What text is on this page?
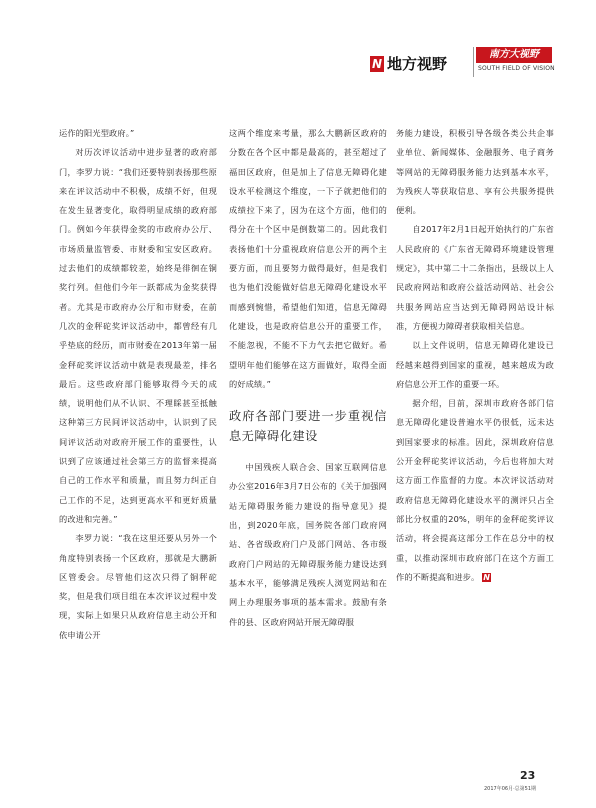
N 地方视野
南方大视野
SOUTH FIELD OF VISION

运作的阳光型政府。”

对历次评议活动中进步显著的政府部门，李罗力说：“我们还要特别表扬那些原来在评议活动中不积极，成绩不好，但现在发生显著变化，取得明显成绩的政府部门。例如今年获得金奖的市政府办公厅、市场质量监管委、市财委和宝安区政府。过去他们的成绩都较差，始终是徘徊在铜奖行列。但他们今年一跃都成为金奖获得者。尤其是市政府办公厅和市财委，在前几次的金秤砣奖评议活动中，都曾经有几乎垫底的经历，而市财委在2013年第一届金秤砣奖评议活动中就是表现最差，排名最后。这些政府部门能够取得今天的成绩，说明他们从不认识、不理睬甚至抵触这种第三方民间评议活动中，认识到了民间评议活动对政府开展工作的重要性，认识到了应该通过社会第三方的监督来提高自己的工作水平和质量，而且努力纠正自己工作的不足，达到更高水平和更好质量的改进和完善。”

李罗力说：“我在这里还要从另外一个角度特别表扬一个区政府，那就是大鹏新区管委会。尽管他们这次只得了铜秤砣奖，但是我们项目组在本次评议过程中发现，实际上如果只从政府信息主动公开和依申请公开

这两个维度来考量，那么大鹏新区政府的分数在各个区中都是最高的，甚至超过了福田区政府，但是加上了信息无障碍化建设水平检测这个维度，一下子就把他们的成绩拉下来了，因为在这个方面，他们的得分在十个区中是倒数第二的。因此我们表扬他们十分重视政府信息公开的两个主要方面，而且要努力做得最好，但是我们也为他们没能做好信息无障碍化建设水平而感到惋惜，希望他们知道，信息无障碍化建设，也是政府信息公开的重要工作，不能忽视，不能不下力气去把它做好。希望明年他们能够在这方面做好，取得全面的好成绩。”

政府各部门要进一步重视信息无障碍化建设

中国残疾人联合会、国家互联网信息办公室2016年3月7日公布的《关于加强网站无障碍服务能力建设的指导意见》提出，到2020年底，国务院各部门政府网站、各省级政府门户及部门网站、各市级政府门户网站的无障碍服务能力建设达到基本水平，能够满足残疾人浏览网站和在网上办理服务事项的基本需求。鼓励有条件的县、区政府网站开展无障碍服

务能力建设，积极引导各级各类公共企事业单位、新闻媒体、金融服务、电子商务等网站的无障碍服务能力达到基本水平，为残疾人等获取信息、享有公共服务提供便利。

自2017年2月1日起开始执行的广东省人民政府的《广东省无障碍环境建设管理规定》，其中第二十二条指出，县级以上人民政府网站和政府公益活动网站、社会公共服务网站应当达到无障碍网站设计标准，方便视力障碍者获取相关信息。

以上文件说明，信息无障碍化建设已经越来越得到国家的重视，越来越成为政府信息公开工作的重要一环。

据介绍，目前，深圳市政府各部门信息无障碍化建设普遍水平仍很低，远未达到国家要求的标准。因此，深圳政府信息公开金秤砣奖评议活动，今后也将加大对这方面工作监督的力度。本次评议活动对政府信息无障碍化建设水平的测评只占全部比分权重的20%，明年的金秤砣奖评议活动，将会提高这部分工作在总分中的权重，以推动深圳市政府部门在这个方面工作的不断提高和进步。 N

23
2017年06月·总第51期
